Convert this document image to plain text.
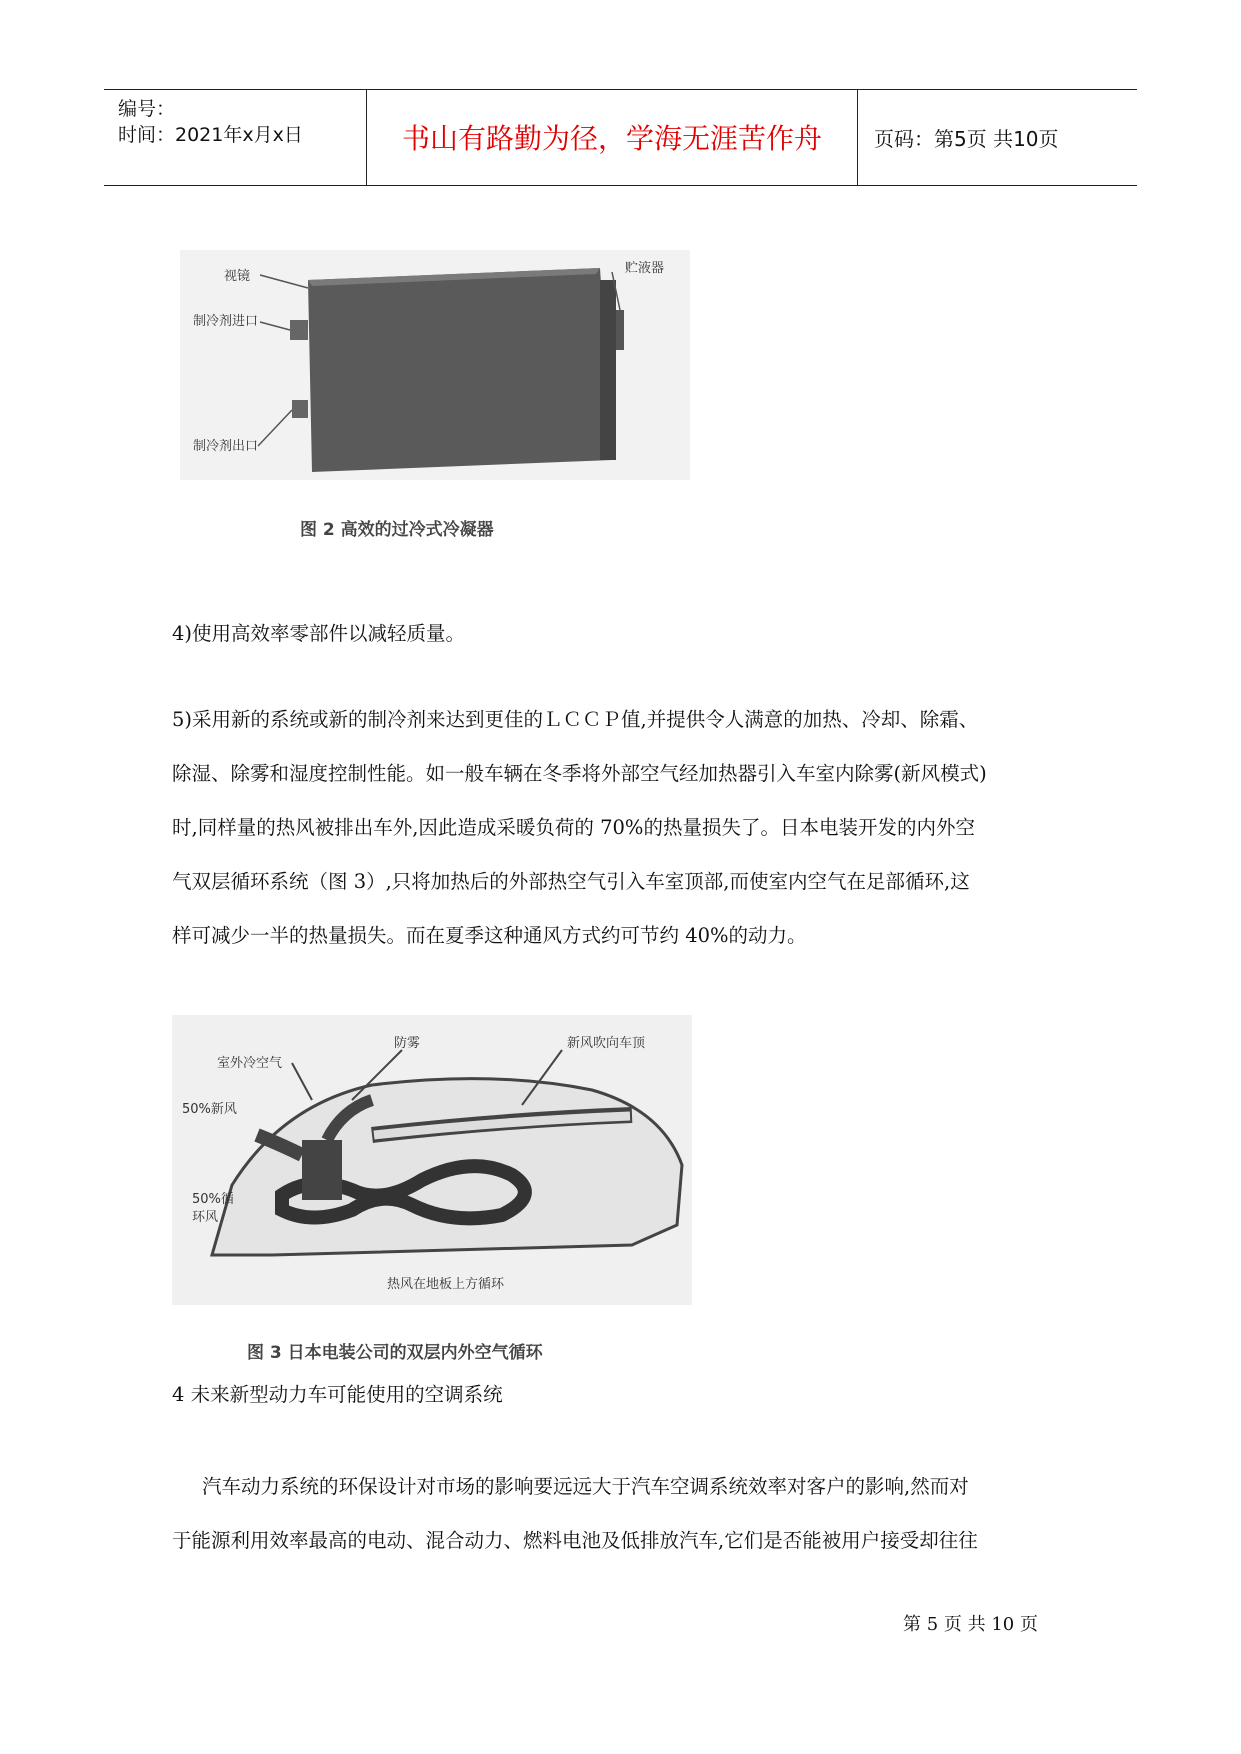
编号：
时间：2021年x月x日	书山有路勤为径，学海无涯苦作舟	页码：第5页 共10页
视镜
制冷剂进口
制冷剂出口
贮液器
图 2 高效的过冷式冷凝器
4)使用高效率零部件以减轻质量。
5)采用新的系统或新的制冷剂来达到更佳的ＬＣＣＰ值,并提供令人满意的加热、冷却、除霜、
除湿、除雾和湿度控制性能。如一般车辆在冬季将外部空气经加热器引入车室内除雾(新风模式)
时,同样量的热风被排出车外,因此造成采暖负荷的 70%的热量损失了。日本电装开发的内外空
气双层循环系统（图 3）,只将加热后的外部热空气引入车室顶部,而使室内空气在足部循环,这
样可减少一半的热量损失。而在夏季这种通风方式约可节约 40%的动力。
防雾	新风吹向车顶
室外冷空气
50%新风
50%循
环风
热风在地板上方循环
图 3 日本电装公司的双层内外空气循环
4 未来新型动力车可能使用的空调系统
汽车动力系统的环保设计对市场的影响要远远大于汽车空调系统效率对客户的影响,然而对
于能源利用效率最高的电动、混合动力、燃料电池及低排放汽车,它们是否能被用户接受却往往
第 5 页 共 10 页
